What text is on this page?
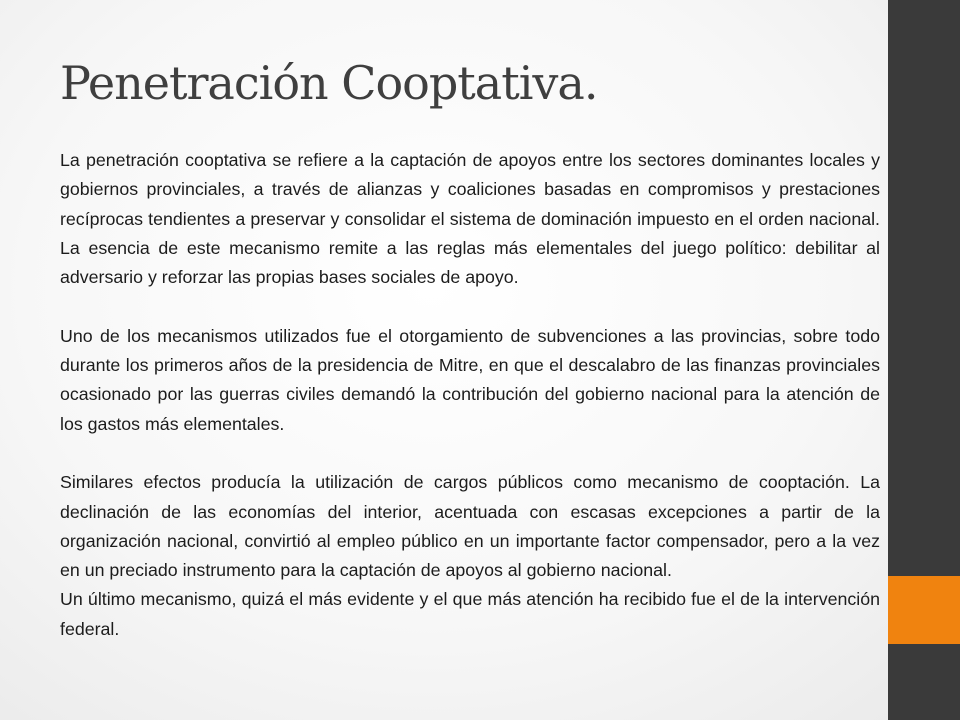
Penetración Cooptativa.

La penetración cooptativa se refiere a la captación de apoyos entre los sectores dominantes locales y gobiernos provinciales, a través de alianzas y coaliciones basadas en compromisos y prestaciones recíprocas tendientes a preservar y consolidar el sistema de dominación impuesto en el orden nacional. La esencia de este mecanismo remite a las reglas más elementales del juego político: debilitar al adversario y reforzar las propias bases sociales de apoyo.

Uno de los mecanismos utilizados fue el otorgamiento de subvenciones a las provincias, sobre todo durante los primeros años de la presidencia de Mitre, en que el descalabro de las finanzas provinciales ocasionado por las guerras civiles demandó la contribución del gobierno nacional para la atención de los gastos más elementales.

Similares efectos producía la utilización de cargos públicos como mecanismo de cooptación. La declinación de las economías del interior, acentuada con escasas excepciones a partir de la organización nacional, convirtió al empleo público en un importante factor compensador, pero a la vez en un preciado instrumento para la captación de apoyos al gobierno nacional.

Un último mecanismo, quizá el más evidente y el que más atención ha recibido fue el de la intervención federal.
